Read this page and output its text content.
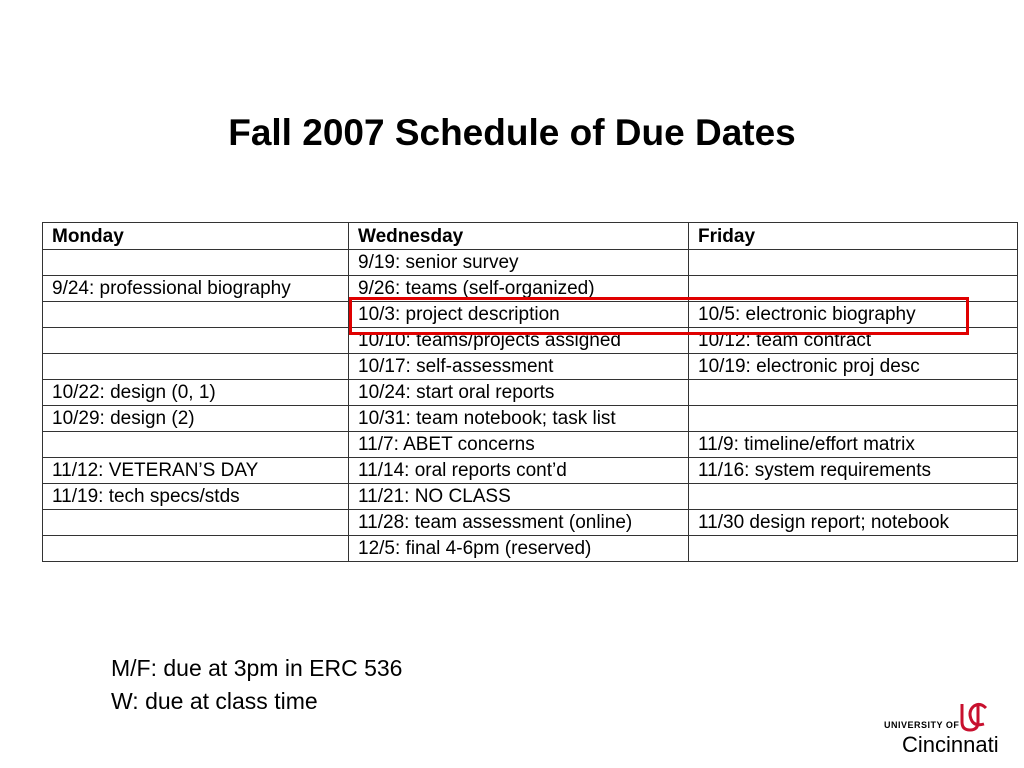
Fall 2007 Schedule of Due Dates
Monday	Wednesday	Friday
	9/19: senior survey	
9/24: professional biography	9/26: teams (self-organized)	
	10/3: project description	10/5: electronic biography
	10/10: teams/projects assigned	10/12: team contract
	10/17: self-assessment	10/19: electronic proj desc
10/22: design (0, 1)	10/24: start oral reports	
10/29: design (2)	10/31: team notebook; task list	
	11/7: ABET concerns	11/9: timeline/effort matrix
11/12: VETERAN’S DAY	11/14: oral reports cont’d	11/16: system requirements
11/19: tech specs/stds	11/21: NO CLASS	
	11/28: team assessment (online)	11/30 design report; notebook
	12/5: final 4-6pm (reserved)	
M/F: due at 3pm in ERC 536
W: due at class time
UNIVERSITY OF
Cincinnati
